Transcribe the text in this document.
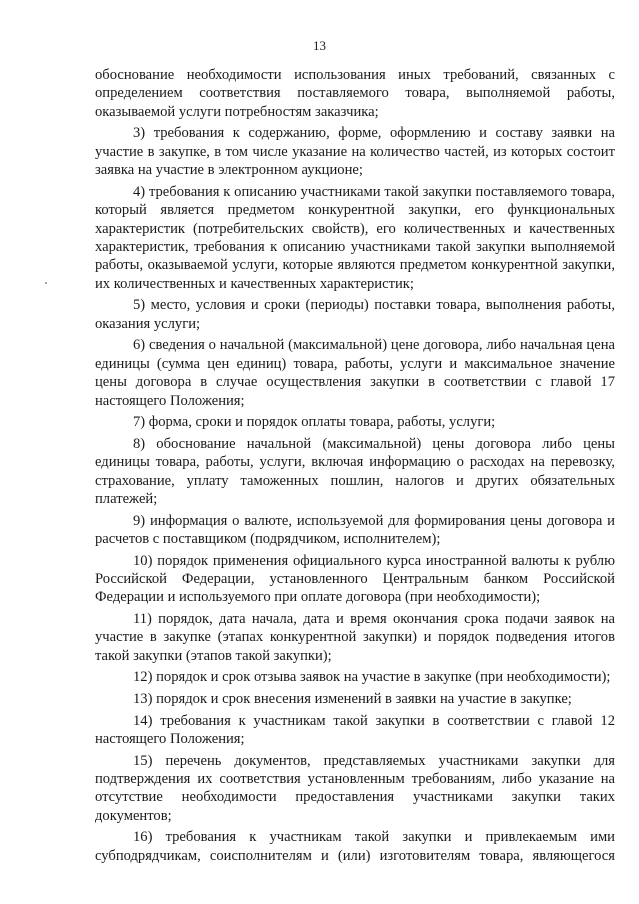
13

обоснование необходимости использования иных требований, связанных с определением соответствия поставляемого товара, выполняемой работы, оказываемой услуги потребностям заказчика;

3) требования к содержанию, форме, оформлению и составу заявки на участие в закупке, в том числе указание на количество частей, из которых состоит заявка на участие в электронном аукционе;

4) требования к описанию участниками такой закупки поставляемого товара, который является предметом конкурентной закупки, его функциональных характеристик (потребительских свойств), его количественных и качественных характеристик, требования к описанию участниками такой закупки выполняемой работы, оказываемой услуги, которые являются предметом конкурентной закупки, их количественных и качественных характеристик;

5) место, условия и сроки (периоды) поставки товара, выполнения работы, оказания услуги;

6) сведения о начальной (максимальной) цене договора, либо начальная цена единицы (сумма цен единиц) товара, работы, услуги и максимальное значение цены договора в случае осуществления закупки в соответствии с главой 17 настоящего Положения;

7) форма, сроки и порядок оплаты товара, работы, услуги;

8) обоснование начальной (максимальной) цены договора либо цены единицы товара, работы, услуги, включая информацию о расходах на перевозку, страхование, уплату таможенных пошлин, налогов и других обязательных платежей;

9) информация о валюте, используемой для формирования цены договора и расчетов с поставщиком (подрядчиком, исполнителем);

10) порядок применения официального курса иностранной валюты к рублю Российской Федерации, установленного Центральным банком Российской Федерации и используемого при оплате договора (при необходимости);

11) порядок, дата начала, дата и время окончания срока подачи заявок на участие в закупке (этапах конкурентной закупки) и порядок подведения итогов такой закупки (этапов такой закупки);

12) порядок и срок отзыва заявок на участие в закупке (при необходимости);

13) порядок и срок внесения изменений в заявки на участие в закупке;

14) требования к участникам такой закупки в соответствии с главой 12 настоящего Положения;

15) перечень документов, представляемых участниками закупки для подтверждения их соответствия установленным требованиям, либо указание на отсутствие необходимости предоставления участниками закупки таких документов;

16) требования к участникам такой закупки и привлекаемым ими субподрядчикам, соисполнителям и (или) изготовителям товара, являющегося
